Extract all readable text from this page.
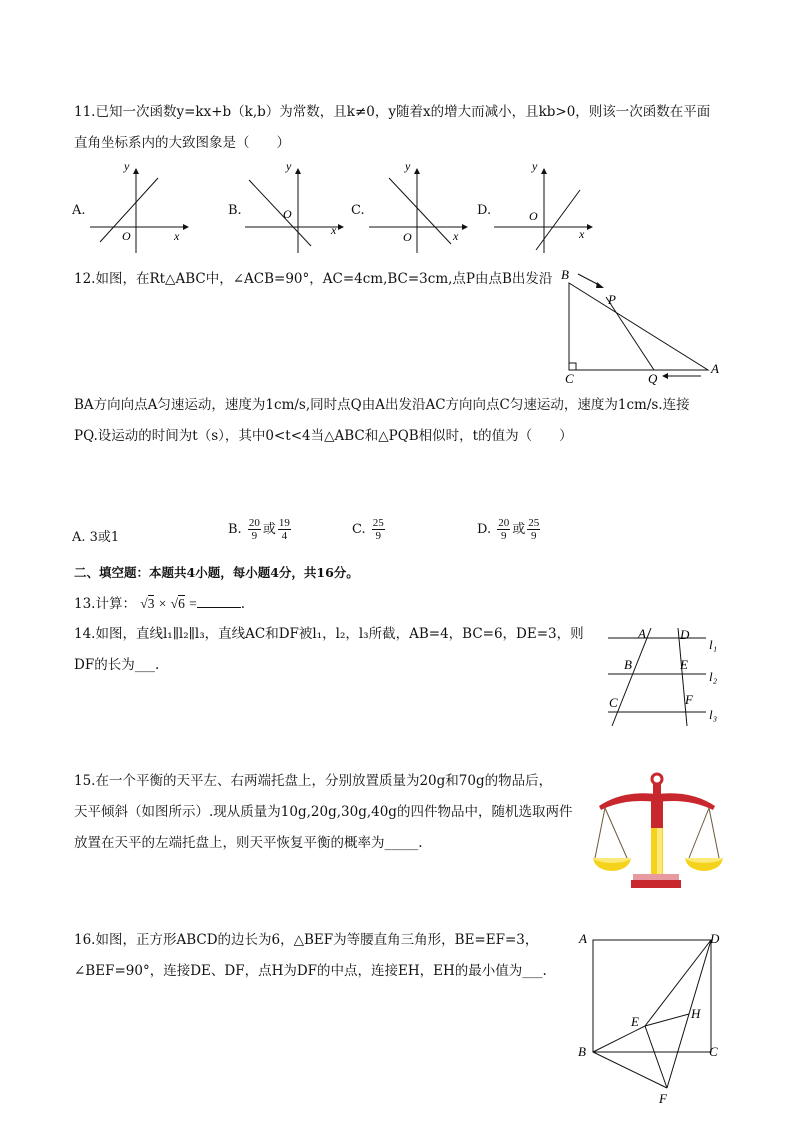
11.已知一次函数y=kx+b（k,b）为常数，且k≠0，y随着x的增大而减小，且kb>0，则该一次函数在平面
直角坐标系内的大致图象是（　　）
A.
y
x
O
B.
y
x
O	C.
y
x
O
D.
y
x
O
12.如图，在Rt△ABC中，∠ACB=90°，AC=4cm,BC=3cm,点P由点B出发沿 B
P
C	Q
A
BA方向向点A匀速运动，速度为1cm/s,同时点Q由A出发沿AC方向向点C匀速运动，速度为1cm/s.连接
PQ.设运动的时间为t（s），其中0<t<4当△ABC和△PQB相似时，t的值为（　　）
A. 3或1
B. $\frac{20}{9}$ 或 $\frac{19}{4}$	C. $\frac{25}{9}$	D. $\frac{20}{9}$ 或 $\frac{25}{9}$
二、填空题：本题共4小题，每小题4分，共16分。
13.计算： √3 × √6 =	.
14.如图，直线l₁∥l₂∥l₃，直线AC和DF被l₁，l₂，l₃所截，AB=4，BC=6，DE=3，则
DF的长为___.
A	D
B	E
C	F
l₁
l₂
l₃
15.在一个平衡的天平左、右两端托盘上，分别放置质量为20g和70g的物品后，
天平倾斜（如图所示）.现从质量为10g,20g,30g,40g的四件物品中，随机选取两件
放置在天平的左端托盘上，则天平恢复平衡的概率为_____.
16.如图，正方形ABCD的边长为6，△BEF为等腰直角三角形，BE=EF=3，
∠BEF=90°，连接DE、DF，点H为DF的中点，连接EH，EH的最小值为___.
A	D
E
H
B	C
F
